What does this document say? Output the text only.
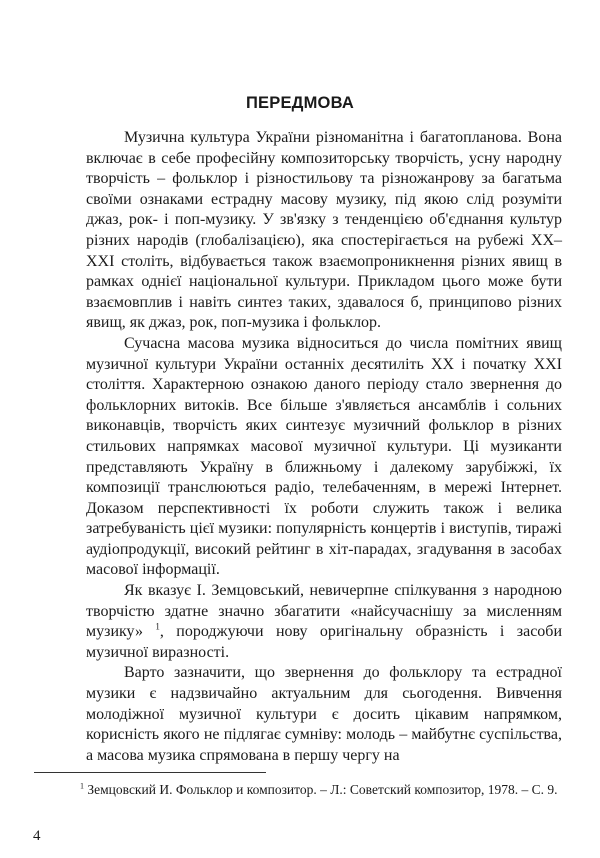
ПЕРЕДМОВА

Музична культура України різноманітна і багатопланова. Вона включає в себе професійну композиторську творчість, усну народну творчість – фольклор і різностильову та різножанрову за багатьма своїми ознаками естрадну масову музику, під якою слід розуміти джаз, рок- і поп-музику. У зв'язку з тенденцією об'єднання культур різних народів (глобалізацією), яка спостерігається на рубежі XX–XXI століть, відбувається також взаємопроникнення різних явищ в рамках однієї національної культури. Прикладом цього може бути взаємовплив і навіть синтез таких, здавалося б, принципово різних явищ, як джаз, рок, поп-музика і фольклор.

Сучасна масова музика відноситься до числа помітних явищ музичної культури України останніх десятиліть XX і початку XXI століття. Характерною ознакою даного періоду стало звернення до фольклорних витоків. Все більше з'являється ансамблів і сольних виконавців, творчість яких синтезує музичний фольклор в різних стильових напрямках масової музичної культури. Ці музиканти представляють Україну в ближньому і далекому зарубіжжі, їх композиції транслюються радіо, телебаченням, в мережі Інтернет. Доказом перспективності їх роботи служить також і велика затребуваність цієї музики: популярність концертів і виступів, тиражі аудіопродукції, високий рейтинг в хіт-парадах, згадування в засобах масової інформації.

Як вказує І. Земцовський, невичерпне спілкування з народною творчістю здатне значно збагатити «найсучаснішу за мисленням музику» $^1$, породжуючи нову оригінальну образність і засоби музичної виразності.

Варто зазначити, що звернення до фольклору та естрадної музики є надзвичайно актуальним для сьогодення. Вивчення молодіжної музичної культури є досить цікавим напрямком, корисність якого не підлягає сумніву: молодь – майбутнє суспільства, а масова музика спрямована в першу чергу на

$^1$ Земцовский И. Фольклор и композитор. – Л.: Советский композитор, 1978. – С. 9.
4
